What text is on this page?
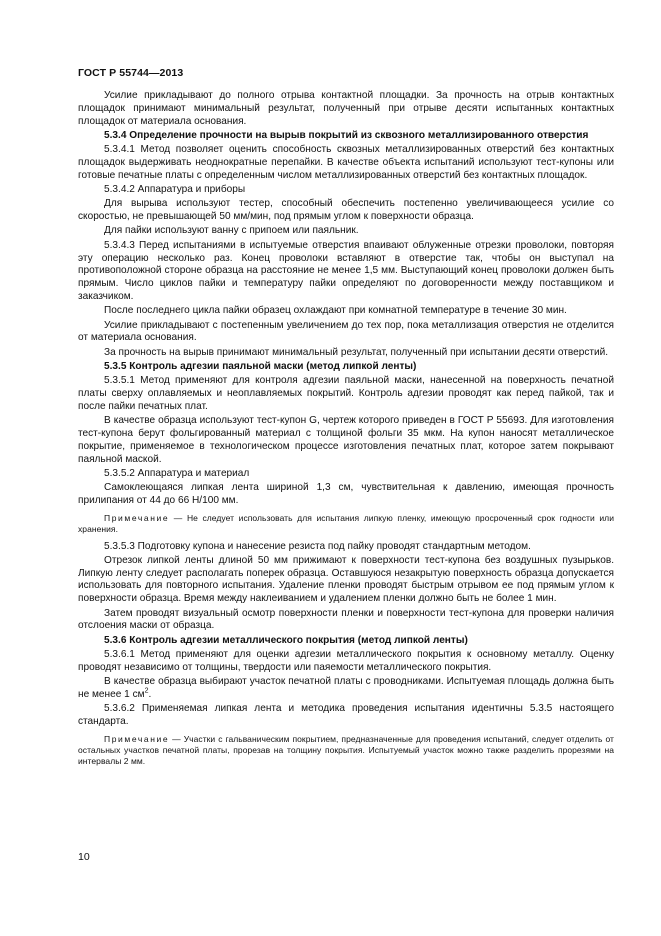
ГОСТ Р 55744—2013

Усилие прикладывают до полного отрыва контактной площадки. За прочность на отрыв контактных площадок принимают минимальный результат, полученный при отрыве десяти испытанных контактных площадок от материала основания.

5.3.4 Определение прочности на вырыв покрытий из сквозного металлизированного отверстия

5.3.4.1 Метод позволяет оценить способность сквозных металлизированных отверстий без контактных площадок выдерживать неоднократные перепайки. В качестве объекта испытаний используют тест-купоны или готовые печатные платы с определенным числом металлизированных отверстий без контактных площадок.

5.3.4.2 Аппаратура и приборы

Для вырыва используют тестер, способный обеспечить постепенно увеличивающееся усилие со скоростью, не превышающей 50 мм/мин, под прямым углом к поверхности образца.

Для пайки используют ванну с припоем или паяльник.

5.3.4.3 Перед испытаниями в испытуемые отверстия впаивают облуженные отрезки проволоки, повторяя эту операцию несколько раз. Конец проволоки вставляют в отверстие так, чтобы он выступал на противоположной стороне образца на расстояние не менее 1,5 мм. Выступающий конец проволоки должен быть прямым. Число циклов пайки и температуру пайки определяют по договоренности между поставщиком и заказчиком.

После последнего цикла пайки образец охлаждают при комнатной температуре в течение 30 мин.

Усилие прикладывают с постепенным увеличением до тех пор, пока металлизация отверстия не отделится от материала основания.

За прочность на вырыв принимают минимальный результат, полученный при испытании десяти отверстий.

5.3.5 Контроль адгезии паяльной маски (метод липкой ленты)

5.3.5.1 Метод применяют для контроля адгезии паяльной маски, нанесенной на поверхность печатной платы сверху оплавляемых и неоплавляемых покрытий. Контроль адгезии проводят как перед пайкой, так и после пайки печатных плат.

В качестве образца используют тест-купон G, чертеж которого приведен в ГОСТ Р 55693. Для изготовления тест-купона берут фольгированный материал с толщиной фольги 35 мкм. На купон наносят металлическое покрытие, применяемое в технологическом процессе изготовления печатных плат, которое затем покрывают паяльной маской.

5.3.5.2 Аппаратура и материал

Самоклеющаяся липкая лента шириной 1,3 см, чувствительная к давлению, имеющая прочность прилипания от 44 до 66 Н/100 мм.

Примечание — Не следует использовать для испытания липкую пленку, имеющую просроченный срок годности или хранения.

5.3.5.3 Подготовку купона и нанесение резиста под пайку проводят стандартным методом.

Отрезок липкой ленты длиной 50 мм прижимают к поверхности тест-купона без воздушных пузырьков. Липкую ленту следует располагать поперек образца. Оставшуюся незакрытую поверхность образца допускается использовать для повторного испытания. Удаление пленки проводят быстрым отрывом ее под прямым углом к поверхности образца. Время между наклеиванием и удалением пленки должно быть не более 1 мин.

Затем проводят визуальный осмотр поверхности пленки и поверхности тест-купона для проверки наличия отслоения маски от образца.

5.3.6 Контроль адгезии металлического покрытия (метод липкой ленты)

5.3.6.1 Метод применяют для оценки адгезии металлического покрытия к основному металлу. Оценку проводят независимо от толщины, твердости или паяемости металлического покрытия.

В качестве образца выбирают участок печатной платы с проводниками. Испытуемая площадь должна быть не менее 1 $см^2$.

5.3.6.2 Применяемая липкая лента и методика проведения испытания идентичны 5.3.5 настоящего стандарта.

Примечание — Участки с гальваническим покрытием, предназначенные для проведения испытаний, следует отделить от остальных участков печатной платы, прорезав на толщину покрытия. Испытуемый участок можно также разделить прорезями на интервалы 2 мм.

10
